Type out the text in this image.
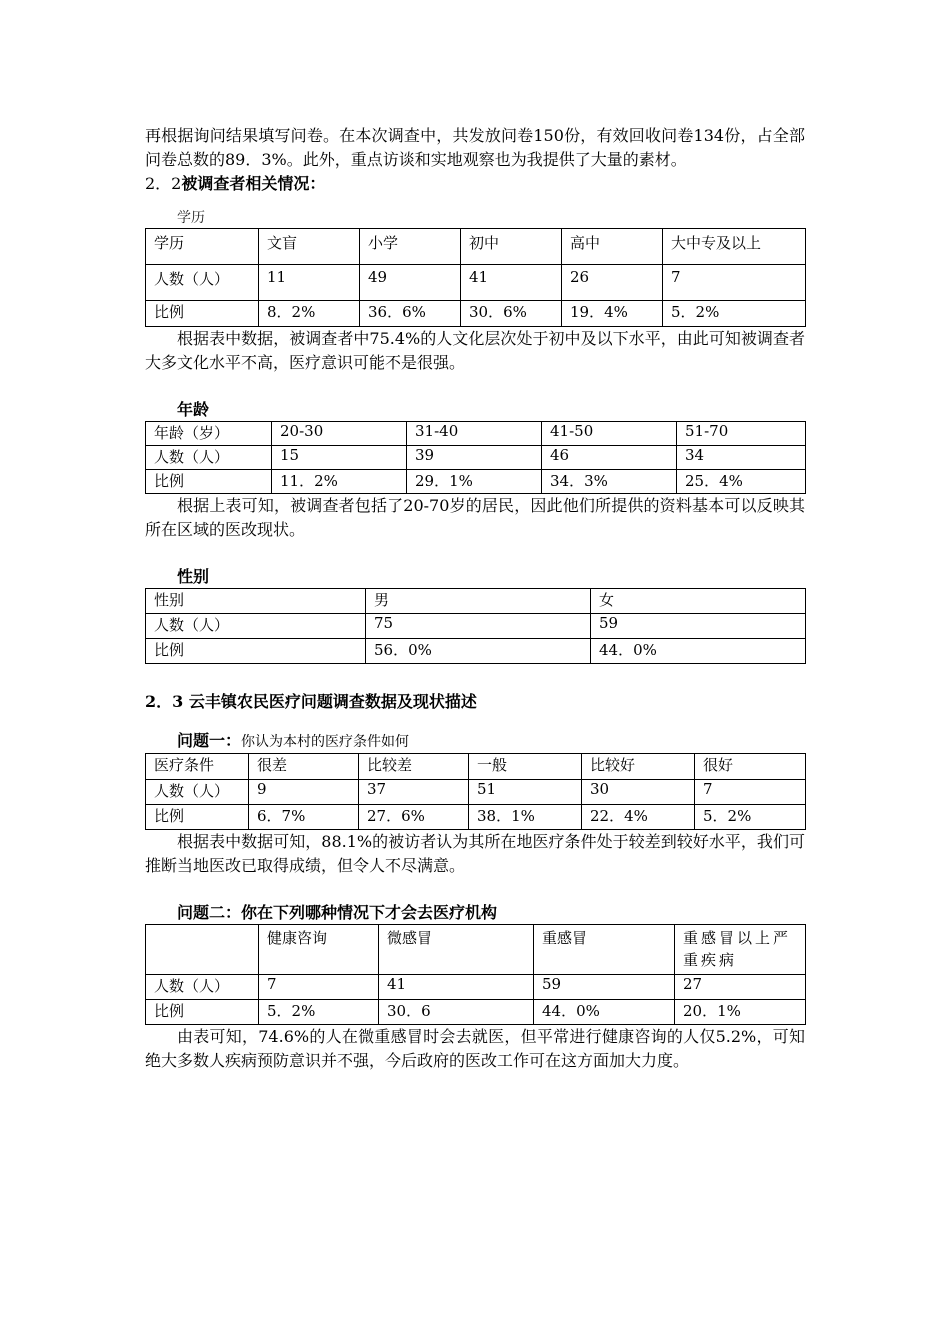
再根据询问结果填写问卷。在本次调查中，共发放问卷150份，有效回收问卷134份，占全部问卷总数的89．3%。此外，重点访谈和实地观察也为我提供了大量的素材。

2．2被调查者相关情况：

学历

学历	文盲	小学	初中	高中	大中专及以上
人数（人）	11	49	41	26	7
比例	8．2%	36．6%	30．6%	19．4%	5．2%

根据表中数据，被调查者中75.4%的人文化层次处于初中及以下水平，由此可知被调查者大多文化水平不高，医疗意识可能不是很强。

年龄

年龄（岁）	20-30	31-40	41-50	51-70
人数（人）	15	39	46	34
比例	11．2%	29．1%	34．3%	25．4%

根据上表可知，被调查者包括了20-70岁的居民，因此他们所提供的资料基本可以反映其所在区域的医改现状。

性别

性别	男	女
人数（人）	75	59
比例	56．0%	44．0%

2．3 云丰镇农民医疗问题调查数据及现状描述

问题一：你认为本村的医疗条件如何

医疗条件	很差	比较差	一般	比较好	很好
人数（人）	9	37	51	30	7
比例	6．7%	27．6%	38．1%	22．4%	5．2%

根据表中数据可知，88.1%的被访者认为其所在地医疗条件处于较差到较好水平，我们可推断当地医改已取得成绩，但令人不尽满意。

问题二：你在下列哪种情况下才会去医疗机构

	健康咨询	微感冒	重感冒	重感冒以上严重疾病
人数（人）	7	41	59	27
比例	5．2%	30．6	44．0%	20．1%

由表可知，74.6%的人在微重感冒时会去就医，但平常进行健康咨询的人仅5.2%，可知绝大多数人疾病预防意识并不强，今后政府的医改工作可在这方面加大力度。
